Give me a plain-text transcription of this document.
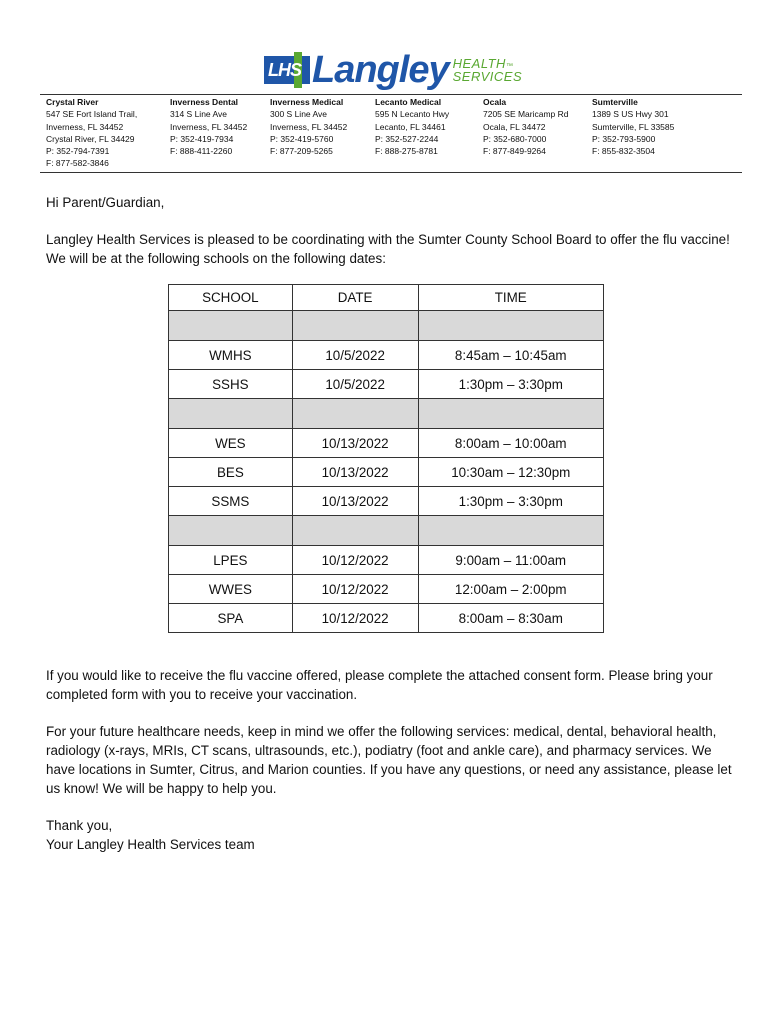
LHS Langley HEALTH™
SERVICES
Crystal River
547 SE Fort Island Trail,
Inverness, FL 34452
Crystal River, FL 34429
P: 352-794-7391
F: 877-582-3846
Inverness Dental
314 S Line Ave
Inverness, FL 34452
P: 352-419-7934
F: 888-411-2260
Inverness Medical
300 S Line Ave
Inverness, FL 34452
P: 352-419-5760
F: 877-209-5265
Lecanto Medical
595 N Lecanto Hwy
Lecanto, FL 34461
P: 352-527-2244
F: 888-275-8781
Ocala
7205 SE Maricamp Rd
Ocala, FL 34472
P: 352-680-7000
F: 877-849-9264
Sumterville
1389 S US Hwy 301
Sumterville, FL 33585
P: 352-793-5900
F: 855-832-3504
Hi Parent/Guardian,
Langley Health Services is pleased to be coordinating with the Sumter County School Board to offer the flu vaccine! We will be at the following schools on the following dates:
SCHOOL	DATE	TIME

WMHS	10/5/2022	8:45am – 10:45am
SSHS	10/5/2022	1:30pm – 3:30pm

WES	10/13/2022	8:00am – 10:00am
BES	10/13/2022	10:30am – 12:30pm
SSMS	10/13/2022	1:30pm – 3:30pm

LPES	10/12/2022	9:00am – 11:00am
WWES	10/12/2022	12:00am – 2:00pm
SPA	10/12/2022	8:00am – 8:30am
If you would like to receive the flu vaccine offered, please complete the attached consent form. Please bring your completed form with you to receive your vaccination.
For your future healthcare needs, keep in mind we offer the following services: medical, dental, behavioral health, radiology (x-rays, MRIs, CT scans, ultrasounds, etc.), podiatry (foot and ankle care), and pharmacy services. We have locations in Sumter, Citrus, and Marion counties. If you have any questions, or need any assistance, please let us know! We will be happy to help you.
Thank you,
Your Langley Health Services team
